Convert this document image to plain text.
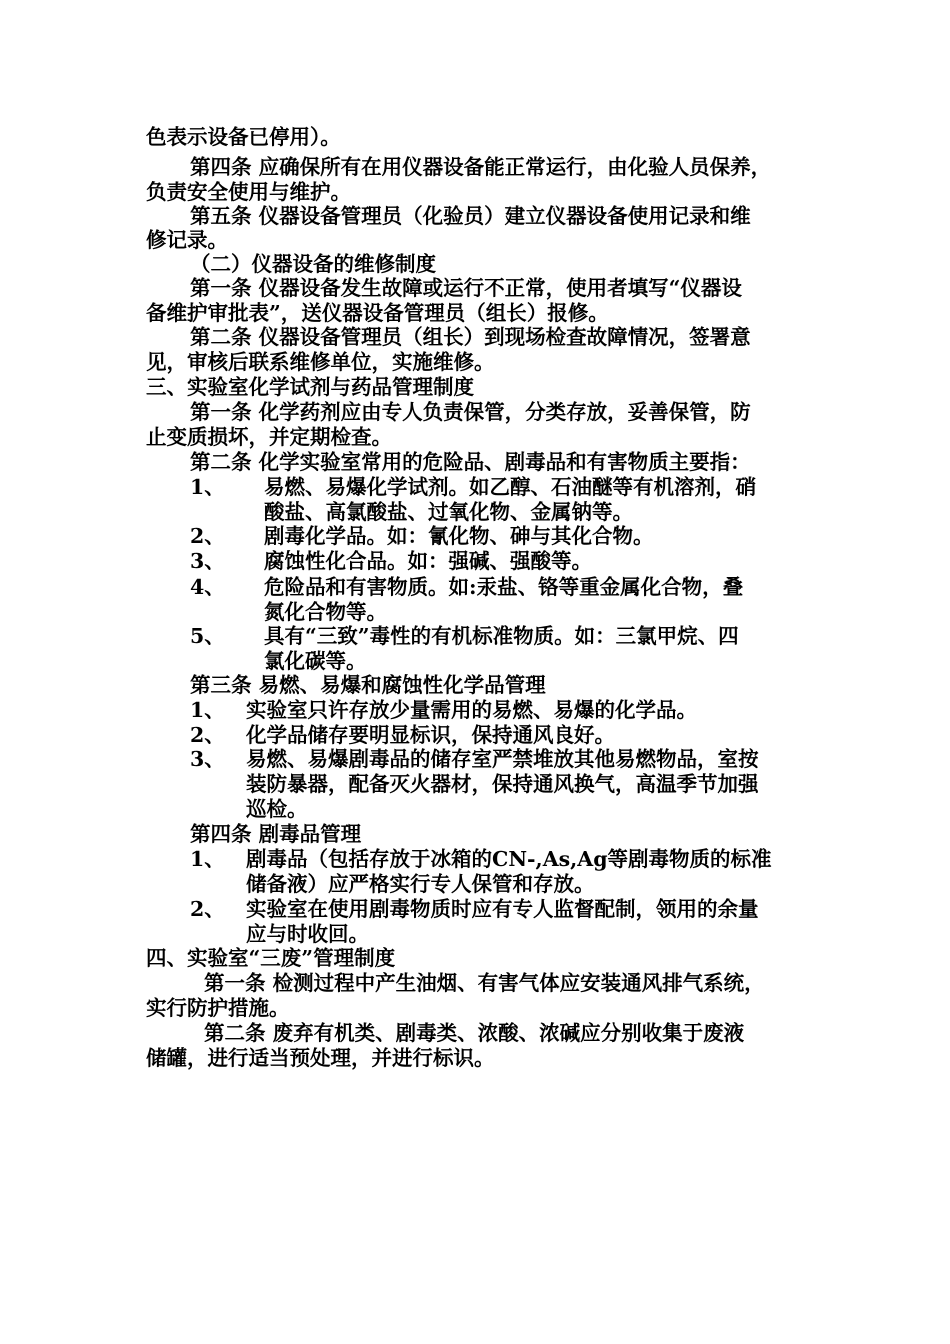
色表示设备已停用）。
第四条 应确保所有在用仪器设备能正常运行，由化验人员保养，
负责安全使用与维护。
第五条 仪器设备管理员（化验员）建立仪器设备使用记录和维
修记录。
（二）仪器设备的维修制度
第一条 仪器设备发生故障或运行不正常，使用者填写“仪器设
备维护审批表”，送仪器设备管理员（组长）报修。
第二条 仪器设备管理员（组长）到现场检查故障情况，签署意
见，审核后联系维修单位，实施维修。
三、实验室化学试剂与药品管理制度
第一条 化学药剂应由专人负责保管，分类存放，妥善保管，防
止变质损坏，并定期检查。
第二条 化学实验室常用的危险品、剧毒品和有害物质主要指：
1、 易燃、易爆化学试剂。如乙醇、石油醚等有机溶剂，硝
酸盐、高氯酸盐、过氧化物、金属钠等。
2、 剧毒化学品。如：氰化物、砷与其化合物。
3、 腐蚀性化合品。如：强碱、强酸等。
4、 危险品和有害物质。如:汞盐、铬等重金属化合物，叠
氮化合物等。
5、 具有“三致”毒性的有机标准物质。如：三氯甲烷、四
氯化碳等。
第三条 易燃、易爆和腐蚀性化学品管理
1、 实验室只许存放少量需用的易燃、易爆的化学品。
2、 化学品储存要明显标识，保持通风良好。
3、 易燃、易爆剧毒品的储存室严禁堆放其他易燃物品，室按
装防暴器，配备灭火器材，保持通风换气，高温季节加强
巡检。
第四条 剧毒品管理
1、 剧毒品（包括存放于冰箱的CN-,As,Ag等剧毒物质的标准
储备液）应严格实行专人保管和存放。
2、 实验室在使用剧毒物质时应有专人监督配制，领用的余量
应与时收回。
四、实验室“三废”管理制度
第一条 检测过程中产生油烟、有害气体应安装通风排气系统，
实行防护措施。
第二条 废弃有机类、剧毒类、浓酸、浓碱应分别收集于废液
储罐，进行适当预处理，并进行标识。
